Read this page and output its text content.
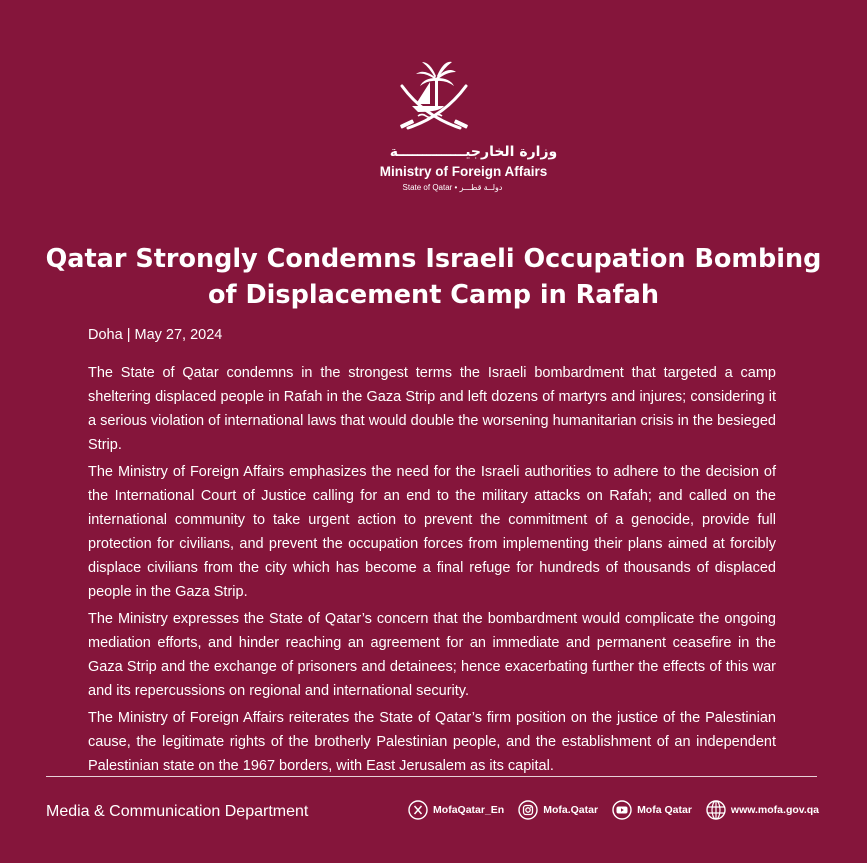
وزارة الخارجيــــــــــــــة
Ministry of Foreign Affairs
State of Qatar • دولــة قطـــر
Qatar Strongly Condemns Israeli Occupation Bombing of Displacement Camp in Rafah
Doha | May 27, 2024

The State of Qatar condemns in the strongest terms the Israeli bombardment that targeted a camp sheltering displaced people in Rafah in the Gaza Strip and left dozens of martyrs and injures; considering it a serious violation of international laws that would double the worsening humanitarian crisis in the besieged Strip.

The Ministry of Foreign Affairs emphasizes the need for the Israeli authorities to adhere to the decision of the International Court of Justice calling for an end to the military attacks on Rafah; and called on the international community to take urgent action to prevent the commitment of a genocide, provide full protection for civilians, and prevent the occupation forces from implementing their plans aimed at forcibly displace civilians from the city which has become a final refuge for hundreds of thousands of displaced people in the Gaza Strip.

The Ministry expresses the State of Qatar’s concern that the bombardment would complicate the ongoing mediation efforts, and hinder reaching an agreement for an immediate and permanent ceasefire in the Gaza Strip and the exchange of prisoners and detainees; hence exacerbating further the effects of this war and its repercussions on regional and international security.

The Ministry of Foreign Affairs reiterates the State of Qatar’s firm position on the justice of the Palestinian cause, the legitimate rights of the brotherly Palestinian people, and the establishment of an independent Palestinian state on the 1967 borders, with East Jerusalem as its capital.

Media & Communication Department	MofaQatar_En	Mofa.Qatar	Mofa Qatar	www.mofa.gov.qa
